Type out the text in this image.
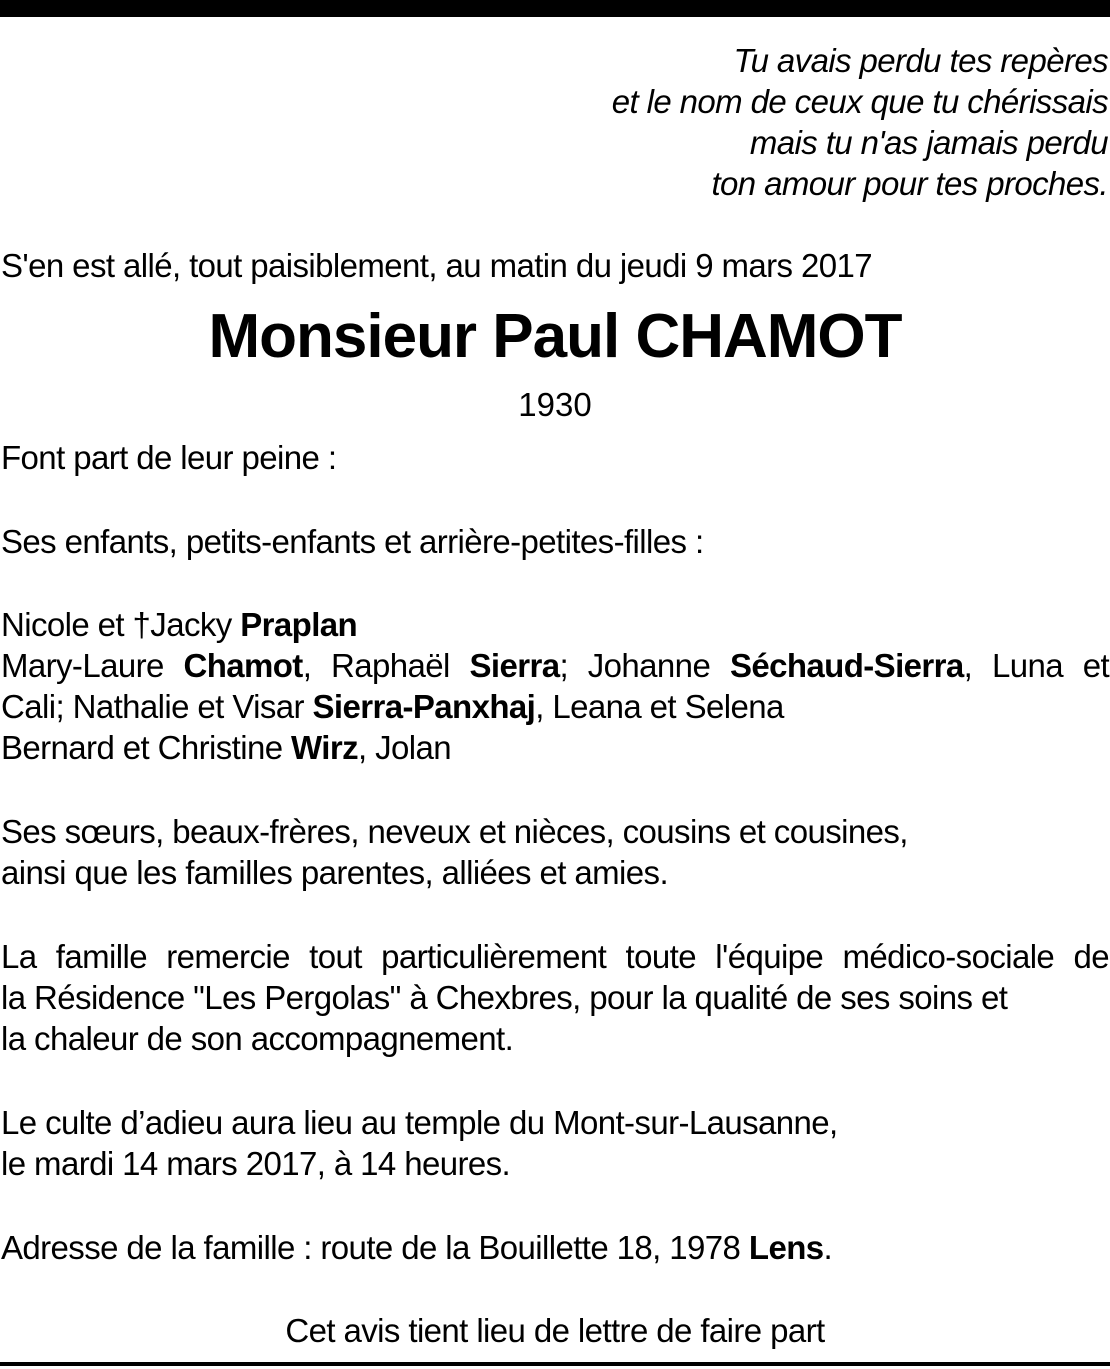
Tu avais perdu tes repères
et le nom de ceux que tu chérissais
mais tu n'as jamais perdu
ton amour pour tes proches.
S'en est allé, tout paisiblement, au matin du jeudi 9 mars 2017
Monsieur Paul CHAMOT
1930
Font part de leur peine :
Ses enfants, petits-enfants et arrière-petites-filles :
Nicole et †Jacky Praplan
Mary-Laure Chamot, Raphaël Sierra; Johanne Séchaud-Sierra, Luna et
Cali; Nathalie et Visar Sierra-Panxhaj, Leana et Selena
Bernard et Christine Wirz, Jolan
Ses sœurs, beaux-frères, neveux et nièces, cousins et cousines,
ainsi que les familles parentes, alliées et amies.
La famille remercie tout particulièrement toute l'équipe médico-sociale de
la Résidence "Les Pergolas" à Chexbres, pour la qualité de ses soins et
la chaleur de son accompagnement.
Le culte d’adieu aura lieu au temple du Mont-sur-Lausanne,
le mardi 14 mars 2017, à 14 heures.
Adresse de la famille : route de la Bouillette 18, 1978 Lens.
Cet avis tient lieu de lettre de faire part
